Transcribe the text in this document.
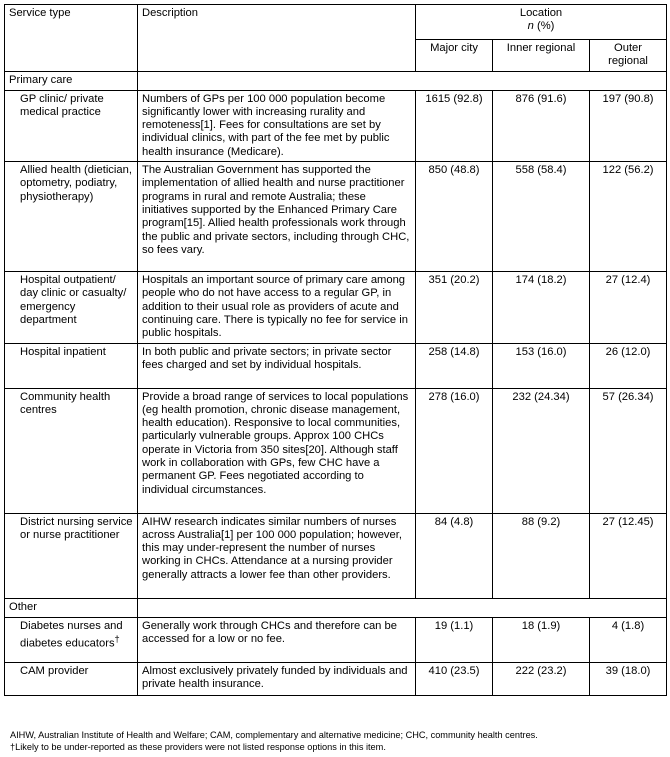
Service type	Description	Location
n (%)		

		Major city	Inner regional	Outer regional
Primary care				
GP clinic/ private medical practice	Numbers of GPs per 100 000 population become significantly lower with increasing rurality and remoteness[1]. Fees for consultations are set by individual clinics, with part of the fee met by public health insurance (Medicare).	1615 (92.8)	876 (91.6)	197 (90.8)
Allied health (dietician, optometry, podiatry, physiotherapy)	The Australian Government has supported the implementation of allied health and nurse practitioner programs in rural and remote Australia; these initiatives supported by the Enhanced Primary Care program[15]. Allied health professionals work through the public and private sectors, including through CHC, so fees vary.	850 (48.8)	558 (58.4)	122 (56.2)
Hospital outpatient/ day clinic or casualty/ emergency department	Hospitals an important source of primary care among people who do not have access to a regular GP, in addition to their usual role as providers of acute and continuing care. There is typically no fee for service in public hospitals.	351 (20.2)	174 (18.2)	27 (12.4)
Hospital inpatient	In both public and private sectors; in private sector fees charged and set by individual hospitals.	258 (14.8)	153 (16.0)	26 (12.0)
Community health centres	Provide a broad range of services to local populations (eg health promotion, chronic disease management, health education). Responsive to local communities, particularly vulnerable groups. Approx 100 CHCs operate in Victoria from 350 sites[20]. Although staff work in collaboration with GPs, few CHC have a permanent GP. Fees negotiated according to individual circumstances.	278 (16.0)	232 (24.34)	57 (26.34)
District nursing service or nurse practitioner	AIHW research indicates similar numbers of nurses across Australia[1] per 100 000 population; however, this may under-represent the number of nurses working in CHCs. Attendance at a nursing provider generally attracts a lower fee than other providers.	84 (4.8)	88 (9.2)	27 (12.45)
Other				
Diabetes nurses and diabetes educators†	Generally work through CHCs and therefore can be accessed for a low or no fee.	19 (1.1)	18 (1.9)	4 (1.8)
CAM provider	Almost exclusively privately funded by individuals and private health insurance.	410 (23.5)	222 (23.2)	39 (18.0)
AIHW, Australian Institute of Health and Welfare; CAM, complementary and alternative medicine; CHC, community health centres.
†Likely to be under-reported as these providers were not listed response options in this item.
